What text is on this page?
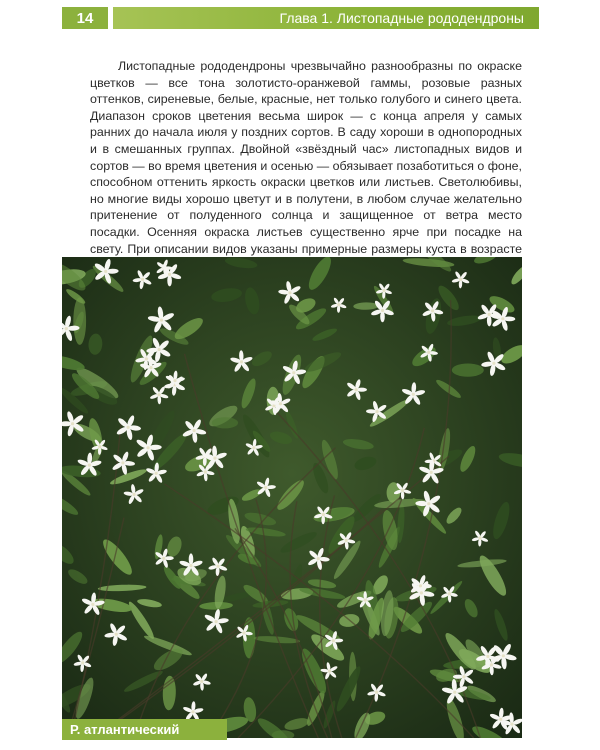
14	Глава 1. Листопадные рододендроны

Листопадные рододендроны чрезвычайно разнообразны по окраске цветков — все тона золотисто-оранжевой гаммы, розовые разных оттенков, сиреневые, белые, красные, нет только голубого и синего цвета. Диапазон сроков цветения весьма широк — с конца апреля у самых ранних до начала июля у поздних сортов. В саду хороши в однопородных и в смешанных группах. Двойной «звёздный час» листопадных видов и сортов — во время цветения и осенью — обязывает позаботиться о фоне, способном оттенить яркость окраски цветков или листьев. Светолюбивы, но многие виды хорошо цветут и в полутени, в любом случае желательно притенение от полуденного солнца и защищенное от ветра место посадки. Осенняя окраска листьев существенно ярче при посадке на свету. При описании видов указаны примерные размеры куста в возрасте

Р. атлантический
